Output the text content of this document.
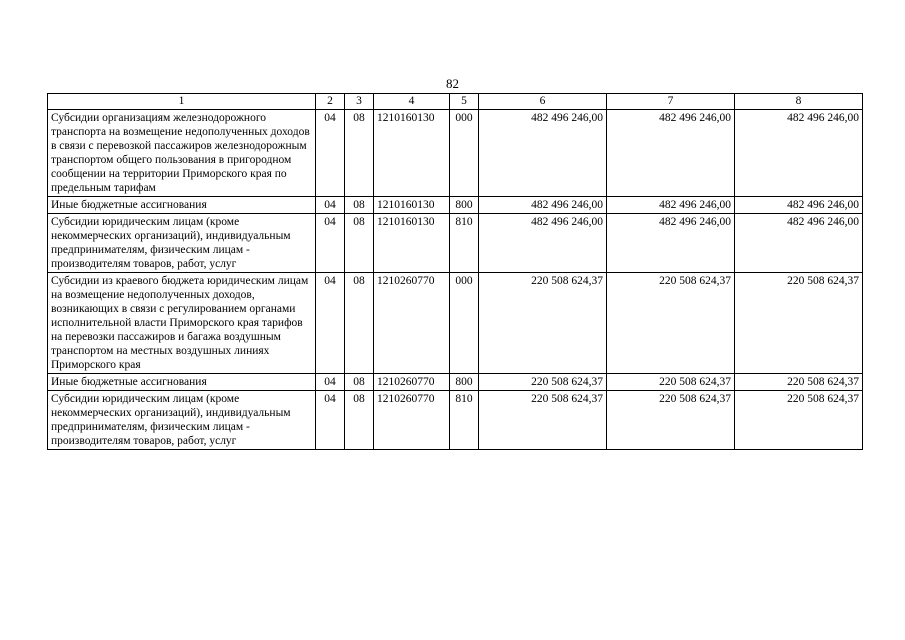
82
1	2	3	4	5	6	7	8
Субсидии организациям железнодорожного транспорта на возмещение недополученных доходов в связи с перевозкой пассажиров железнодорожным транспортом общего пользования в пригородном сообщении на территории Приморского края по предельным тарифам	04	08	1210160130	000	482 496 246,00	482 496 246,00	482 496 246,00
Иные бюджетные ассигнования	04	08	1210160130	800	482 496 246,00	482 496 246,00	482 496 246,00
Субсидии юридическим лицам (кроме некоммерческих организаций), индивидуальным предпринимателям, физическим лицам - производителям товаров, работ, услуг	04	08	1210160130	810	482 496 246,00	482 496 246,00	482 496 246,00
Субсидии из краевого бюджета юридическим лицам на возмещение недополученных доходов, возникающих в связи с регулированием органами исполнительной власти Приморского края тарифов на перевозки пассажиров и багажа воздушным транспортом на местных воздушных линиях Приморского края	04	08	1210260770	000	220 508 624,37	220 508 624,37	220 508 624,37
Иные бюджетные ассигнования	04	08	1210260770	800	220 508 624,37	220 508 624,37	220 508 624,37
Субсидии юридическим лицам (кроме некоммерческих организаций), индивидуальным предпринимателям, физическим лицам - производителям товаров, работ, услуг	04	08	1210260770	810	220 508 624,37	220 508 624,37	220 508 624,37
